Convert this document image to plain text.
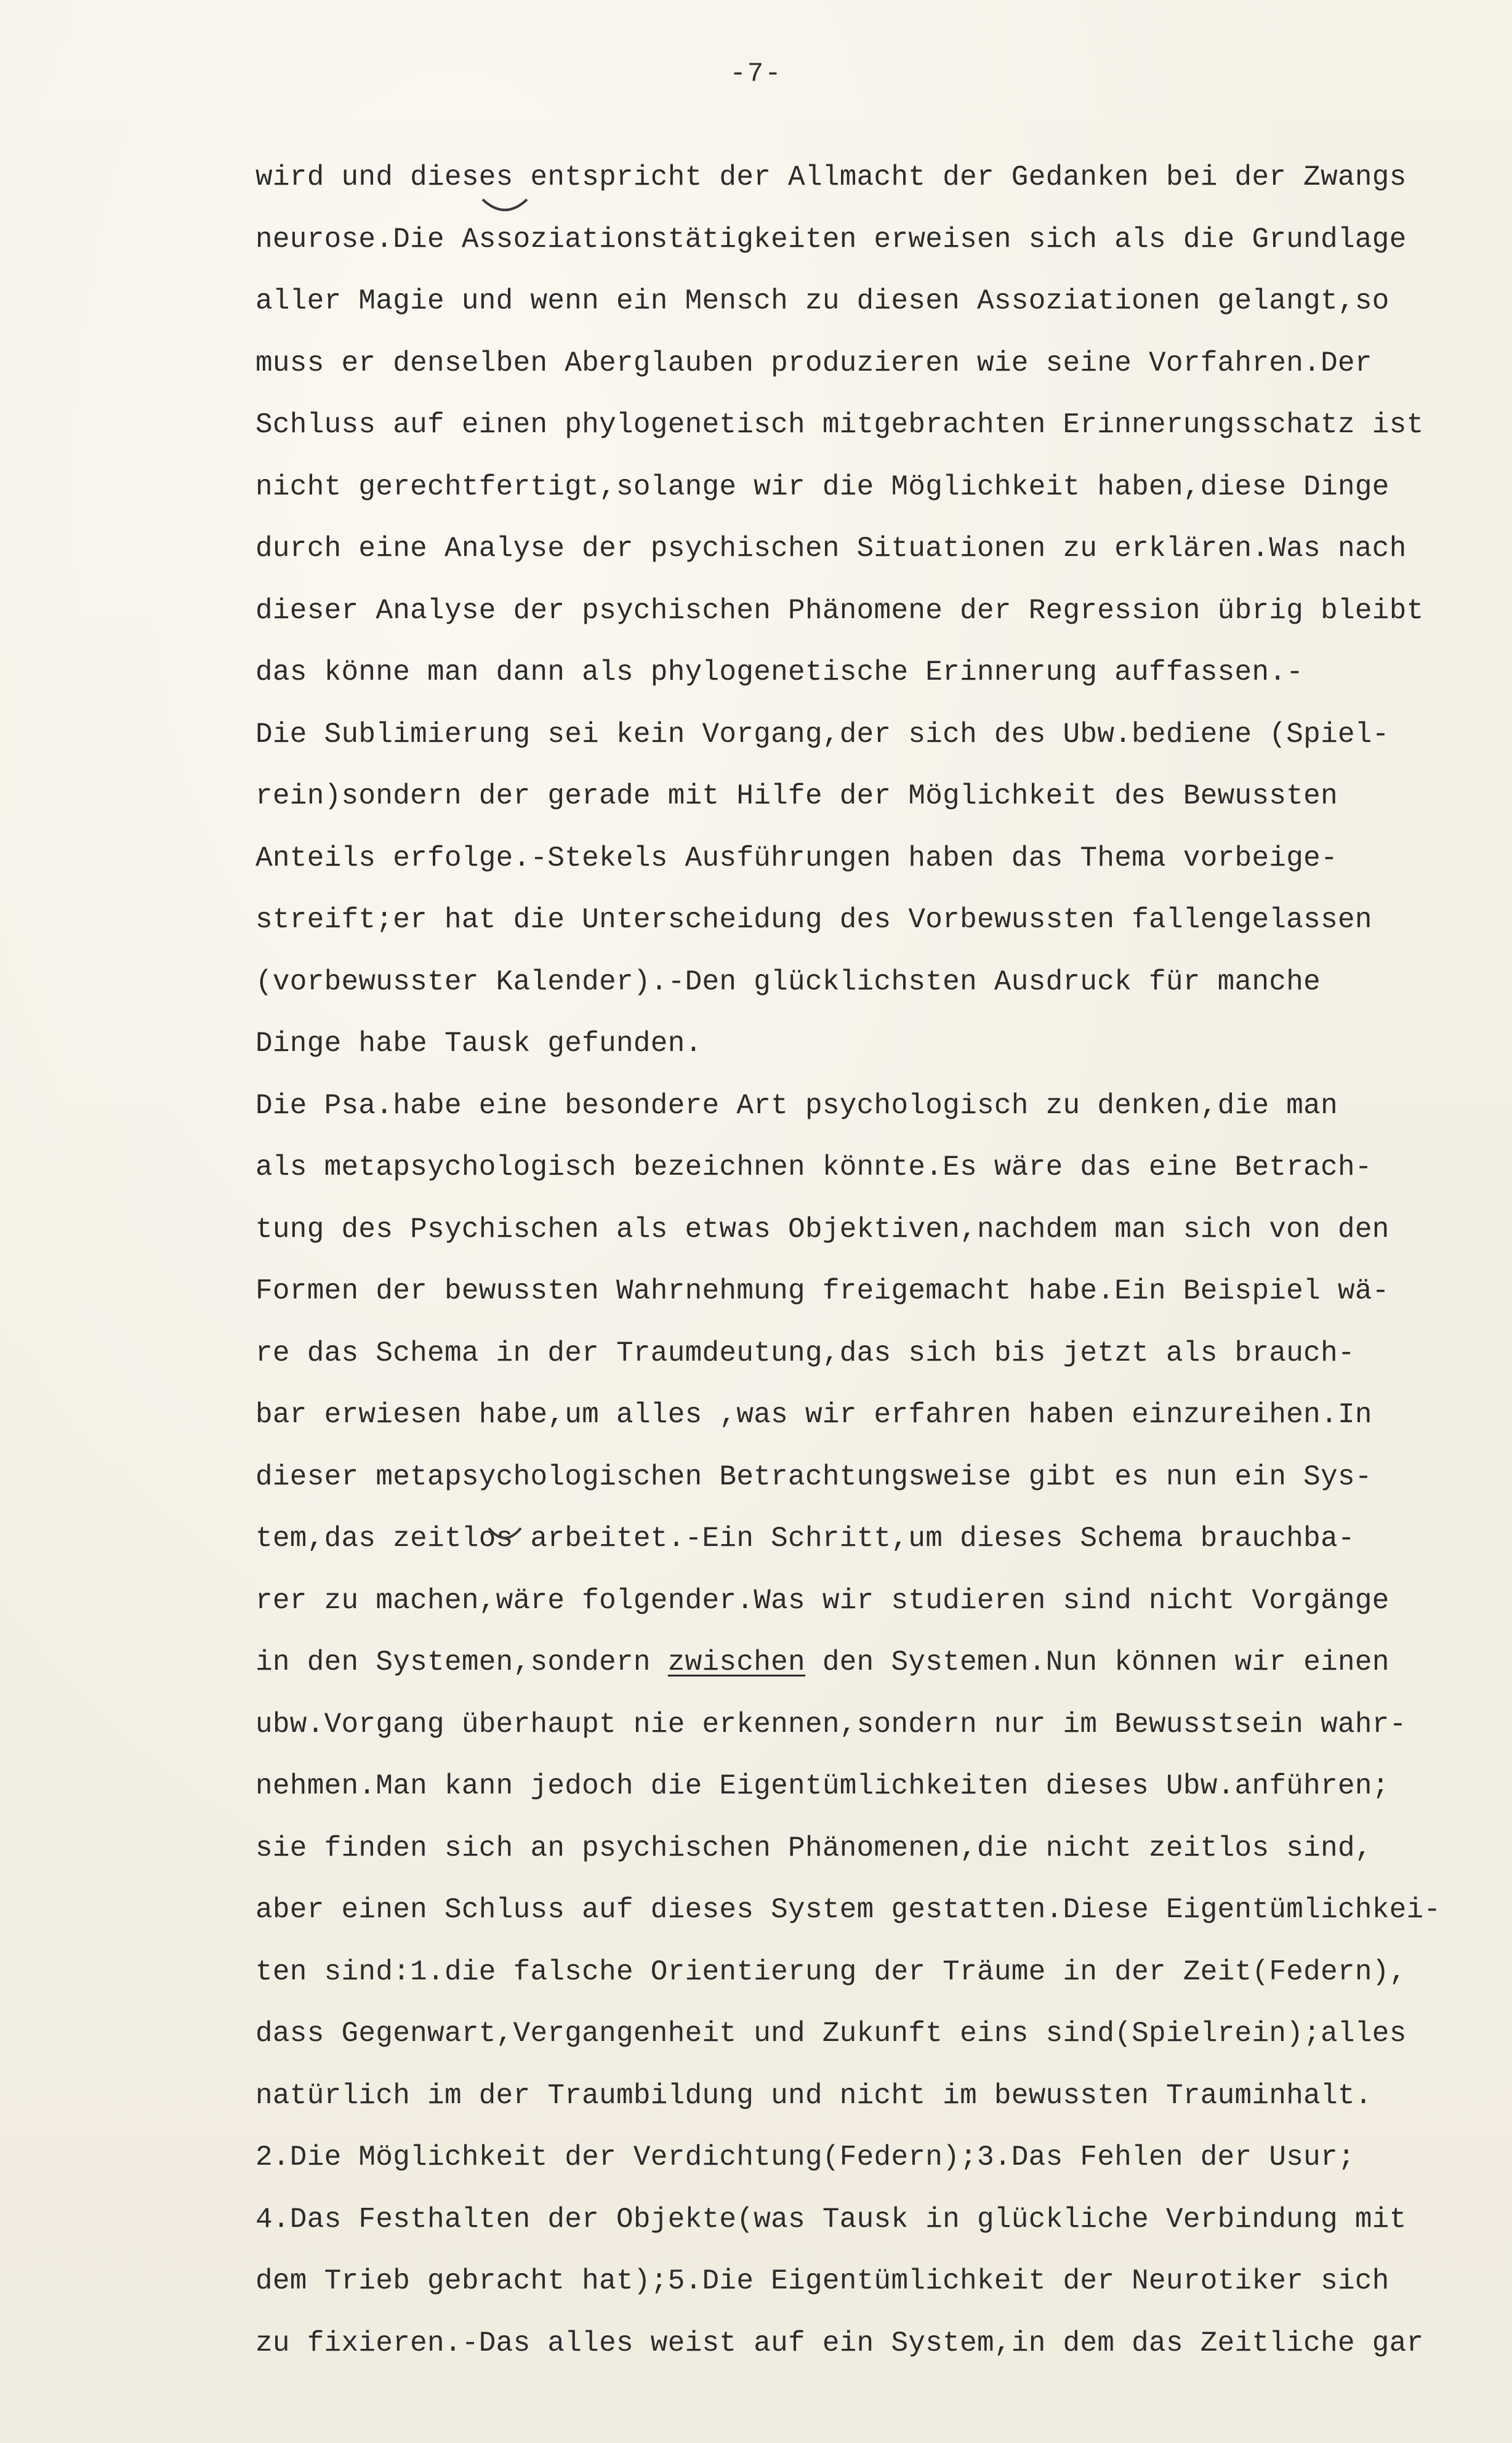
-7-
wird und dieses entspricht der Allmacht der Gedanken bei der Zwangs
neurose.Die Assoziationstätigkeiten erweisen sich als die Grundlage
aller Magie und wenn ein Mensch zu diesen Assoziationen gelangt,so
muss er denselben Aberglauben produzieren wie seine Vorfahren.Der
Schluss auf einen phylogenetisch mitgebrachten Erinnerungsschatz ist
nicht gerechtfertigt,solange wir die Möglichkeit haben,diese Dinge
durch eine Analyse der psychischen Situationen zu erklären.Was nach
dieser Analyse der psychischen Phänomene der Regression übrig bleibt
das könne man dann als phylogenetische Erinnerung auffassen.-
Die Sublimierung sei kein Vorgang,der sich des Ubw.bediene (Spiel-
rein)sondern der gerade mit Hilfe der Möglichkeit des Bewussten
Anteils erfolge.-Stekels Ausführungen haben das Thema vorbeige-
streift;er hat die Unterscheidung des Vorbewussten fallengelassen
(vorbewusster Kalender).-Den glücklichsten Ausdruck für manche
Dinge habe Tausk gefunden.
Die Psa.habe eine besondere Art psychologisch zu denken,die man
als metapsychologisch bezeichnen könnte.Es wäre das eine Betrach-
tung des Psychischen als etwas Objektiven,nachdem man sich von den
Formen der bewussten Wahrnehmung freigemacht habe.Ein Beispiel wä-
re das Schema in der Traumdeutung,das sich bis jetzt als brauch-
bar erwiesen habe,um alles ,was wir erfahren haben einzureihen.In
dieser metapsychologischen Betrachtungsweise gibt es nun ein Sys-
tem,das zeitlos arbeitet.-Ein Schritt,um dieses Schema brauchba-
rer zu machen,wäre folgender.Was wir studieren sind nicht Vorgänge
in den Systemen,sondern zwischen den Systemen.Nun können wir einen
ubw.Vorgang überhaupt nie erkennen,sondern nur im Bewusstsein wahr-
nehmen.Man kann jedoch die Eigentümlichkeiten dieses Ubw.anführen;
sie finden sich an psychischen Phänomenen,die nicht zeitlos sind,
aber einen Schluss auf dieses System gestatten.Diese Eigentümlichkei-
ten sind:1.die falsche Orientierung der Träume in der Zeit(Federn),
dass Gegenwart,Vergangenheit und Zukunft eins sind(Spielrein);alles
natürlich im der Traumbildung und nicht im bewussten Trauminhalt.
2.Die Möglichkeit der Verdichtung(Federn);3.Das Fehlen der Usur;
4.Das Festhalten der Objekte(was Tausk in glückliche Verbindung mit
dem Trieb gebracht hat);5.Die Eigentümlichkeit der Neurotiker sich
zu fixieren.-Das alles weist auf ein System,in dem das Zeitliche gar
